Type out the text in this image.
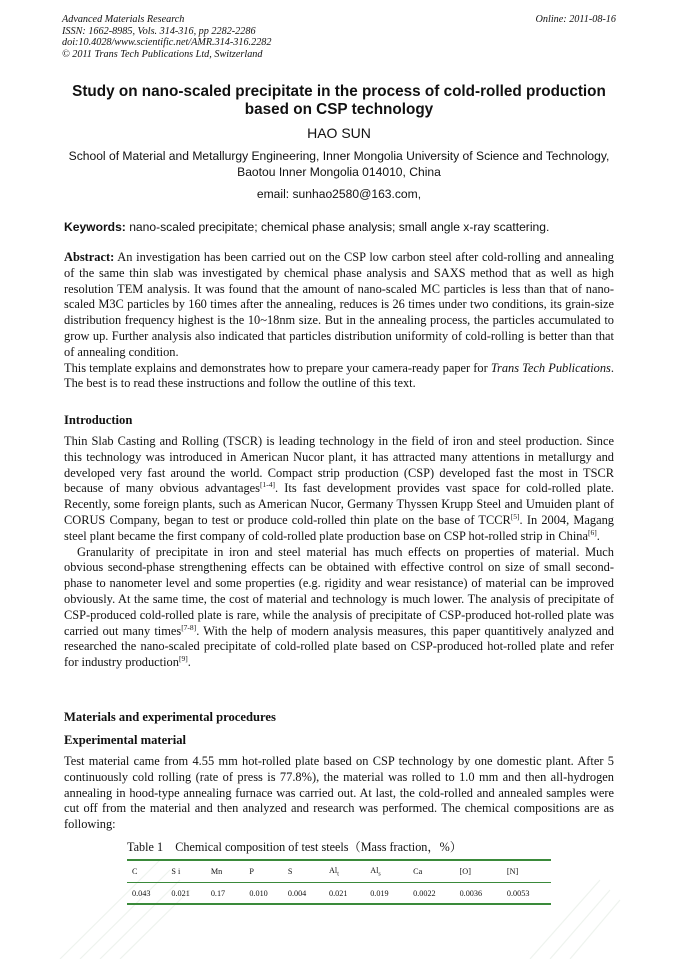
Advanced Materials Research
ISSN: 1662-8985, Vols. 314-316, pp 2282-2286
doi:10.4028/www.scientific.net/AMR.314-316.2282
© 2011 Trans Tech Publications Ltd, Switzerland
Online: 2011-08-16
Study on nano-scaled precipitate in the process of cold-rolled production based on CSP technology
HAO SUN
School of Material and Metallurgy Engineering, Inner Mongolia University of Science and Technology, Baotou Inner Mongolia 014010, China
email: sunhao2580@163.com,
Keywords: nano-scaled precipitate; chemical phase analysis; small angle x-ray scattering.

Abstract: An investigation has been carried out on the CSP low carbon steel after cold-rolling and annealing of the same thin slab was investigated by chemical phase analysis and SAXS method that as well as high resolution TEM analysis. It was found that the amount of nano-scaled MC particles is less than that of nano-scaled M3C particles by 160 times after the annealing, reduces is 26 times under two conditions, its grain-size distribution frequency highest is the 10~18nm size. But in the annealing process, the particles accumulated to grow up. Further analysis also indicated that particles distribution uniformity of cold-rolling is better than that of annealing condition.

This template explains and demonstrates how to prepare your camera-ready paper for Trans Tech Publications. The best is to read these instructions and follow the outline of this text.

Introduction

Thin Slab Casting and Rolling (TSCR) is leading technology in the field of iron and steel production. Since this technology was introduced in American Nucor plant, it has attracted many attentions in metallurgy and developed very fast around the world. Compact strip production (CSP) developed fast the most in TSCR because of many obvious advantages[1-4]. Its fast development provides vast space for cold-rolled plate. Recently, some foreign plants, such as American Nucor, Germany Thyssen Krupp Steel and Umuiden plant of CORUS Company, began to test or produce cold-rolled thin plate on the base of TCCR[5]. In 2004, Magang steel plant became the first company of cold-rolled plate production base on CSP hot-rolled strip in China[6].

Granularity of precipitate in iron and steel material has much effects on properties of material. Much obvious second-phase strengthening effects can be obtained with effective control on size of small second-phase to nanometer level and some properties (e.g. rigidity and wear resistance) of material can be improved obviously. At the same time, the cost of material and technology is much lower. The analysis of precipitate of CSP-produced cold-rolled plate is rare, while the analysis of precipitate of CSP-produced hot-rolled plate was carried out many times[7-8]. With the help of modern analysis measures, this paper quantitively analyzed and researched the nano-scaled precipitate of cold-rolled plate based on CSP-produced hot-rolled plate and refer for industry production[9].

Materials and experimental procedures
Experimental material
Test material came from 4.55 mm hot-rolled plate based on CSP technology by one domestic plant. After 5 continuously cold rolling (rate of press is 77.8%), the material was rolled to 1.0 mm and then all-hydrogen annealing in hood-type annealing furnace was carried out. At last, the cold-rolled and annealed samples were cut off from the material and then analyzed and research was performed. The chemical compositions are as following:
Table 1    Chemical composition of test steels（Mass fraction，%）
C	S i	Mn	P	S	$Al_t$	$Al_s$	Ca	[O]	[N]
0.043	0.021	0.17	0.010	0.004	0.021	0.019	0.0022	0.0036	0.0053
